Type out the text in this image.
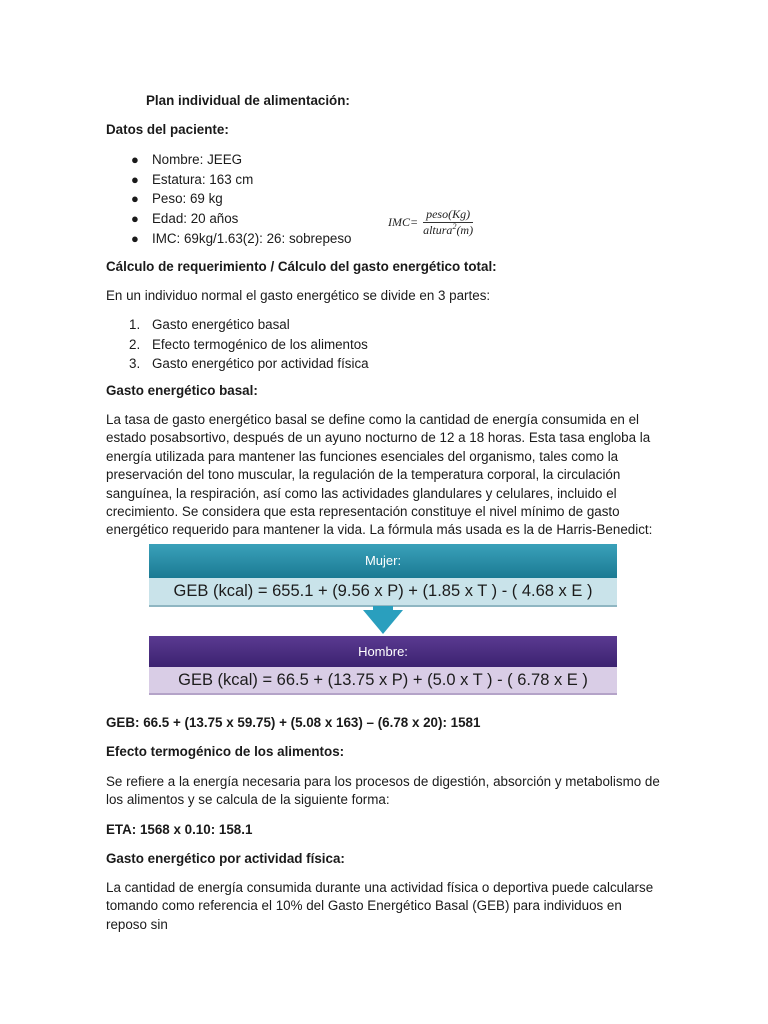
Plan individual de alimentación:

Datos del paciente:

● Nombre: JEEG
● Estatura: 163 cm
● Peso: 69 kg
● Edad: 20 años
● IMC: 69kg/1.63(2): 26: sobrepeso
$IMC= \frac{\text{peso(Kg)}}{altura^2(m)}$

Cálculo de requerimiento / Cálculo del gasto energético total:

En un individuo normal el gasto energético se divide en 3 partes:

1. Gasto energético basal
2. Efecto termogénico de los alimentos
3. Gasto energético por actividad física

Gasto energético basal:

La tasa de gasto energético basal se define como la cantidad de energía consumida en el estado posabsortivo, después de un ayuno nocturno de 12 a 18 horas. Esta tasa engloba la energía utilizada para mantener las funciones esenciales del organismo, tales como la preservación del tono muscular, la regulación de la temperatura corporal, la circulación sanguínea, la respiración, así como las actividades glandulares y celulares, incluido el crecimiento. Se considera que esta representación constituye el nivel mínimo de gasto energético requerido para mantener la vida. La fórmula más usada es la de Harris-Benedict:

Mujer:
GEB (kcal) = 655.1 + (9.56 x P) + (1.85 x T ) - ( 4.68 x E )
Hombre:
GEB (kcal) = 66.5 + (13.75 x P) + (5.0 x T ) - ( 6.78 x E )

GEB: 66.5 + (13.75 x 59.75) + (5.08 x 163) – (6.78 x 20): 1581

Efecto termogénico de los alimentos:

Se refiere a la energía necesaria para los procesos de digestión, absorción y metabolismo de los alimentos y se calcula de la siguiente forma:

ETA: 1568 x 0.10: 158.1

Gasto energético por actividad física:

La cantidad de energía consumida durante una actividad física o deportiva puede calcularse tomando como referencia el 10% del Gasto Energético Basal (GEB) para individuos en reposo sin
